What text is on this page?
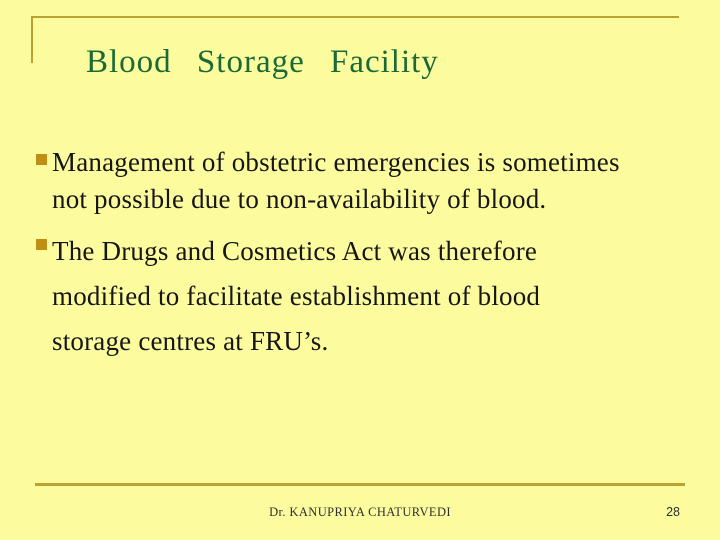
Blood Storage Facility
Management of obstetric emergencies is sometimes
not possible due to non-availability of blood.
The Drugs and Cosmetics Act was therefore
modified to facilitate establishment of blood
storage centres at FRU’s.
Dr. KANUPRIYA CHATURVEDI	28
